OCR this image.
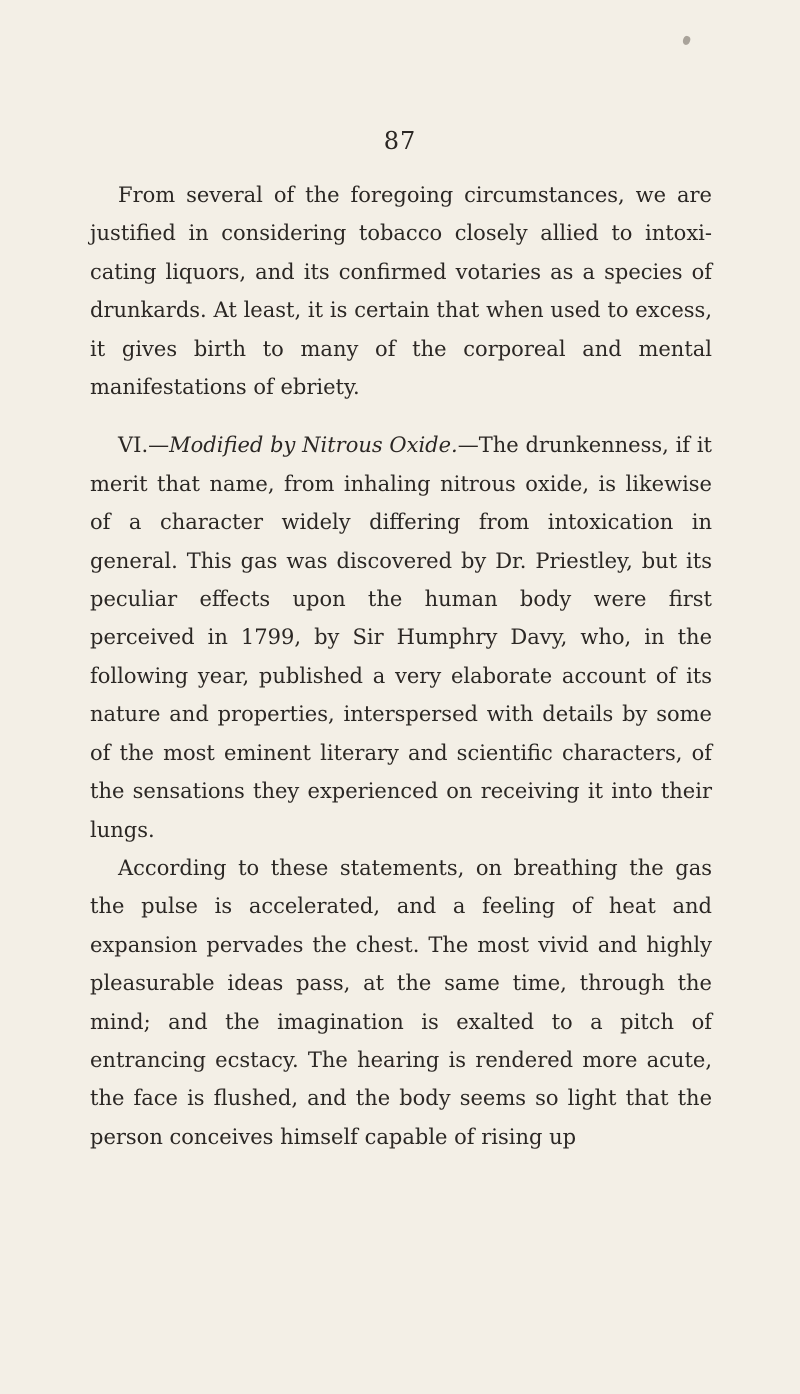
87

From several of the foregoing circumstances, we are justified in considering tobacco closely allied to intoxicating liquors, and its confirmed votaries as a species of drunkards. At least, it is certain that when used to excess, it gives birth to many of the corporeal and mental manifestations of ebriety.

VI.—Modified by Nitrous Oxide.—The drunkenness, if it merit that name, from inhaling nitrous oxide, is likewise of a character widely differing from intoxication in general. This gas was discovered by Dr. Priestley, but its peculiar effects upon the human body were first perceived in 1799, by Sir Humphry Davy, who, in the following year, published a very elaborate account of its nature and properties, interspersed with details by some of the most eminent literary and scientific characters, of the sensations they experienced on receiving it into their lungs.

According to these statements, on breathing the gas the pulse is accelerated, and a feeling of heat and expansion pervades the chest. The most vivid and highly pleasurable ideas pass, at the same time, through the mind; and the imagination is exalted to a pitch of entrancing ecstacy. The hearing is rendered more acute, the face is flushed, and the body seems so light that the person conceives himself capable of rising up
